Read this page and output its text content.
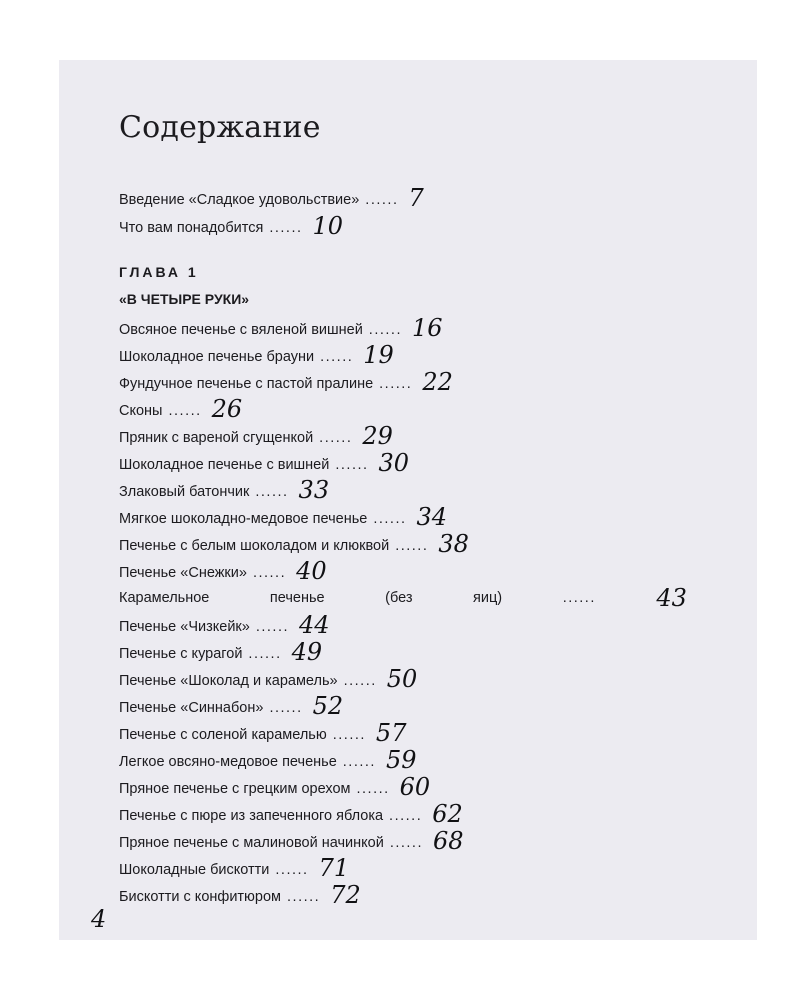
Содержание
Введение «Сладкое удовольствие» ...... 7
Что вам понадобится ...... 10
ГЛАВА 1
«В ЧЕТЫРЕ РУКИ»
Овсяное печенье с вяленой вишней ...... 16
Шоколадное печенье брауни ...... 19
Фундучное печенье с пастой пралине ...... 22
Сконы ...... 26
Пряник с вареной сгущенкой ...... 29
Шоколадное печенье с вишней ...... 30
Злаковый батончик ...... 33
Мягкое шоколадно-медовое печенье ...... 34
Печенье с белым шоколадом и клюквой ...... 38
Печенье «Снежки» ...... 40
Карамельное	печенье	(без	яиц)	......	43
Печенье «Чизкейк» ...... 44
Печенье с курагой ...... 49
Печенье «Шоколад и карамель» ...... 50
Печенье «Синнабон» ...... 52
Печенье с соленой карамелью ...... 57
Легкое овсяно-медовое печенье ...... 59
Пряное печенье с грецким орехом ...... 60
Печенье с пюре из запеченного яблока ...... 62
Пряное печенье с малиновой начинкой ...... 68
Шоколадные бискотти ...... 71
Бискотти с конфитюром ...... 72
4
